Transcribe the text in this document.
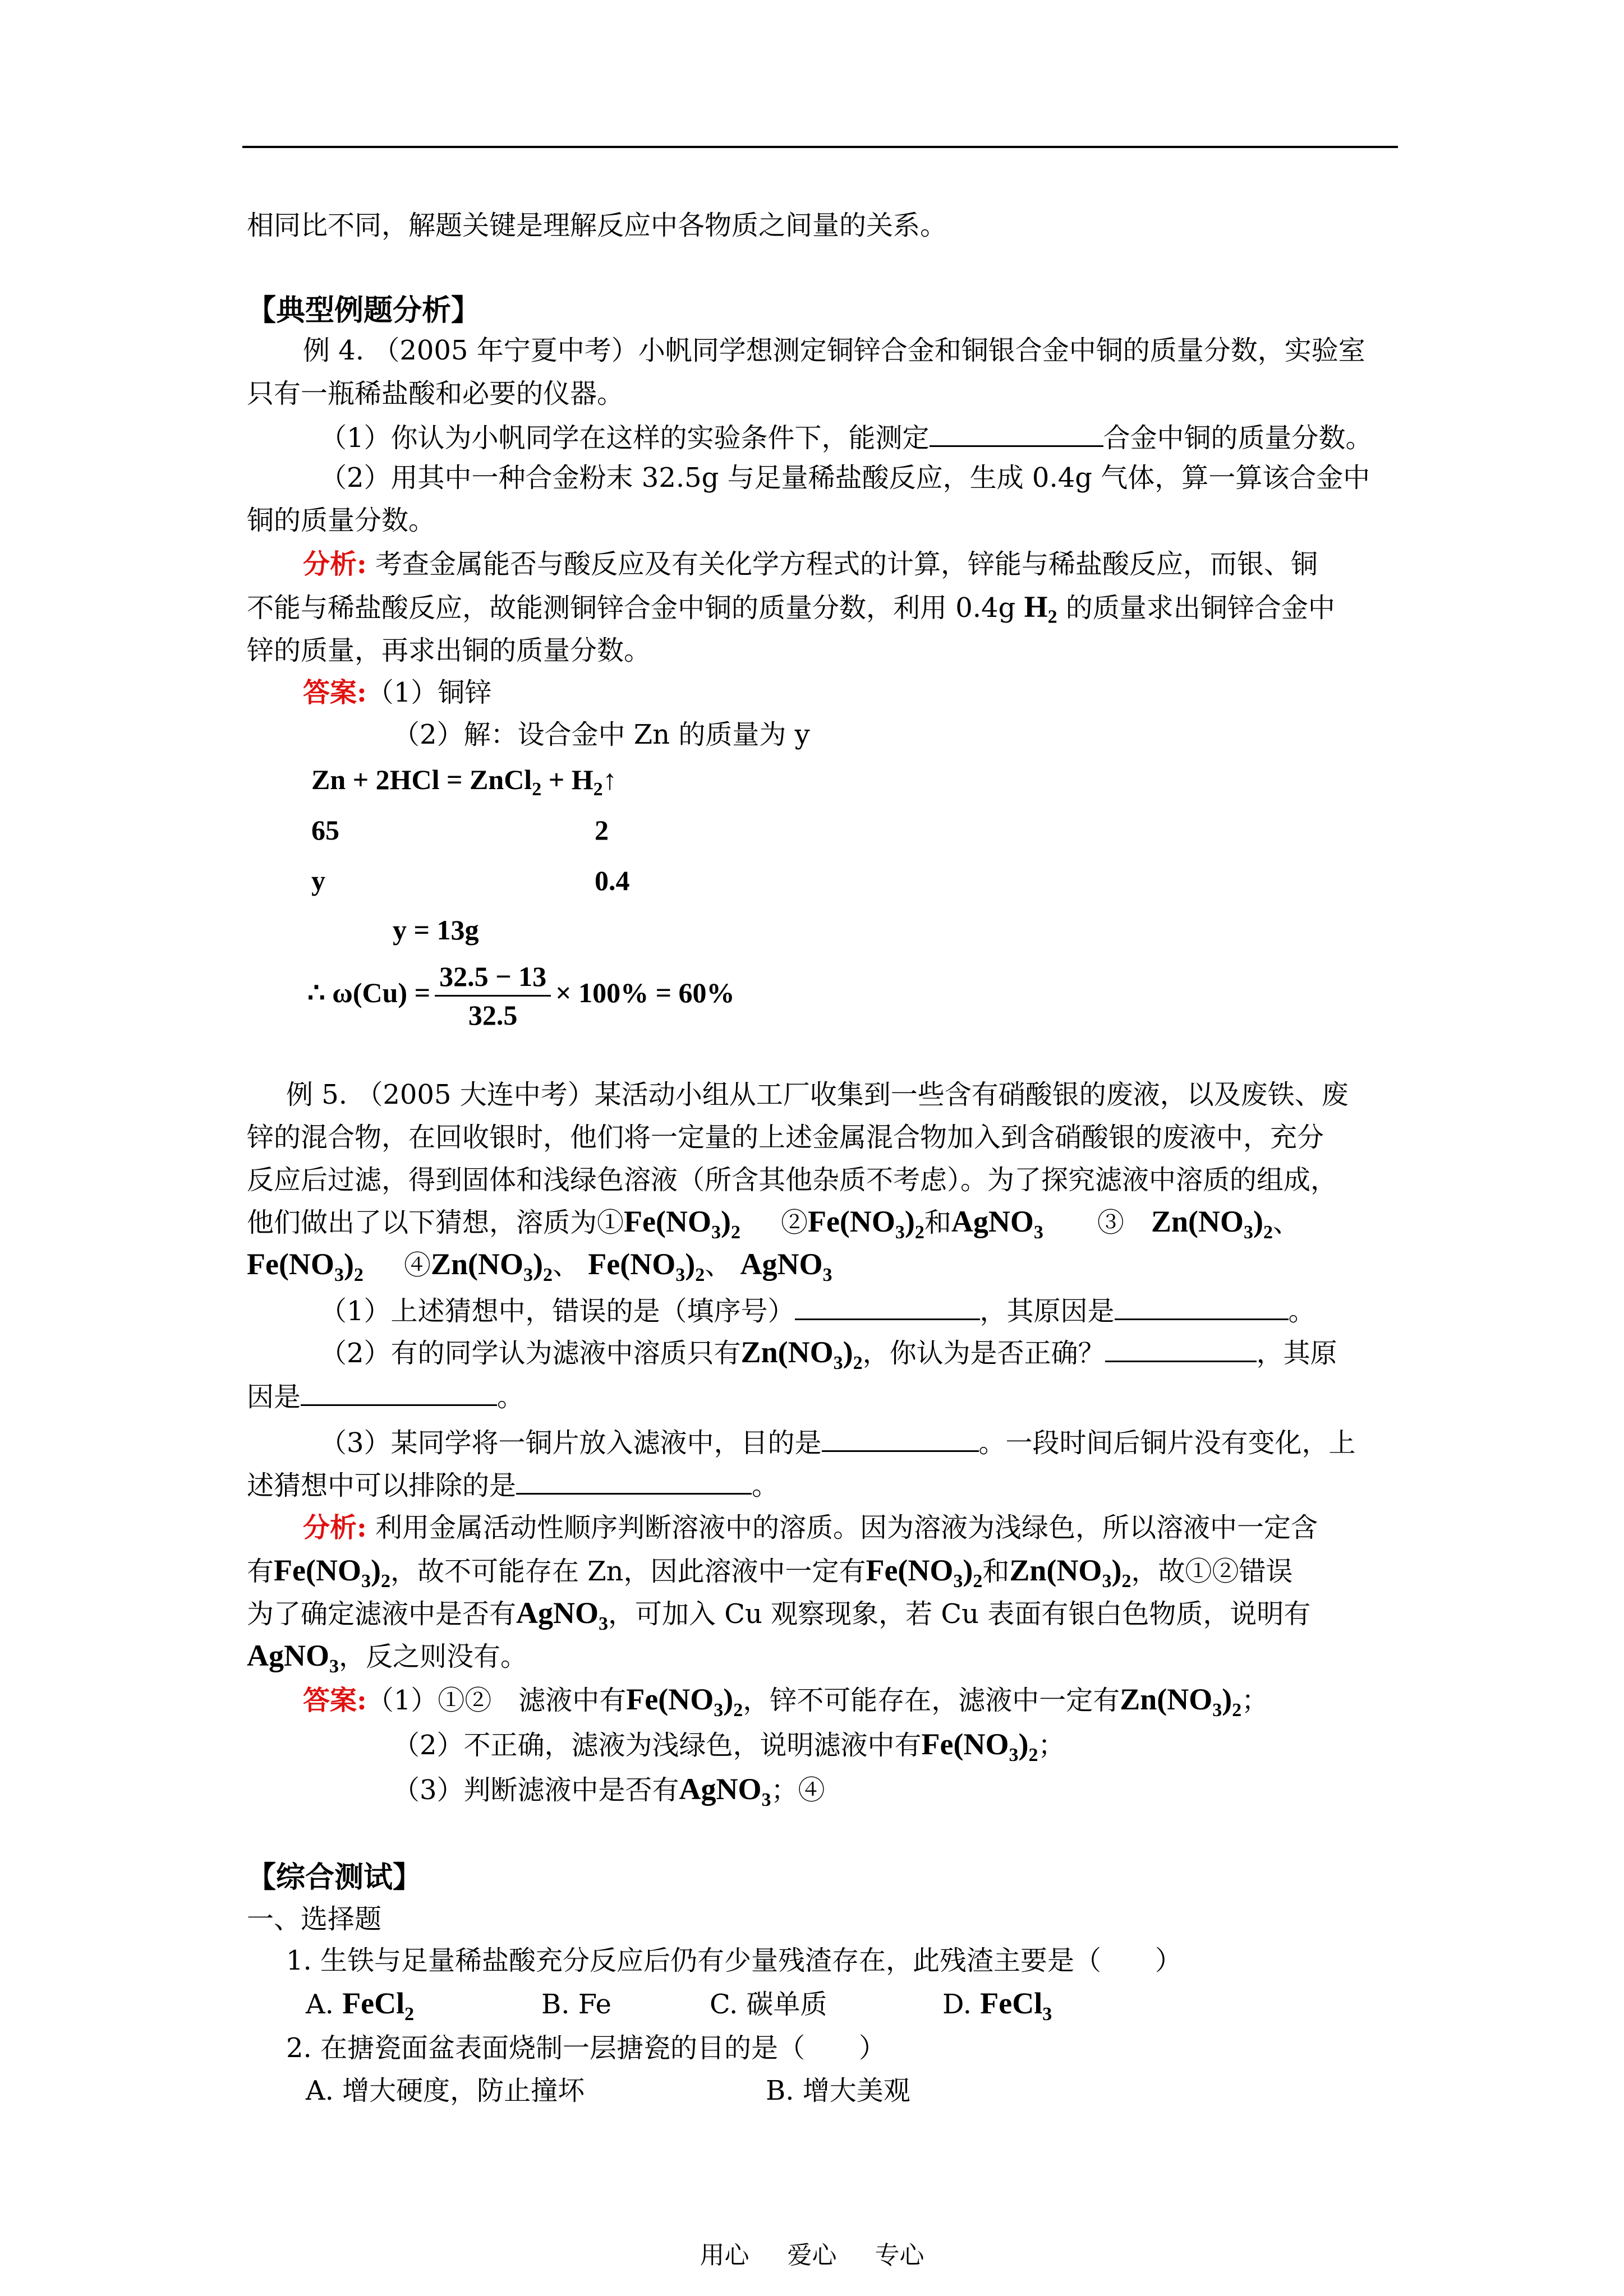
相同比不同，解题关键是理解反应中各物质之间量的关系。
【典型例题分析】
例 4. （2005 年宁夏中考）小帆同学想测定铜锌合金和铜银合金中铜的质量分数，实验室
只有一瓶稀盐酸和必要的仪器。
（1）你认为小帆同学在这样的实验条件下，能测定	合金中铜的质量分数。
（2）用其中一种合金粉末 32.5g 与足量稀盐酸反应，生成 0.4g 气体，算一算该合金中
铜的质量分数。
分析: 考查金属能否与酸反应及有关化学方程式的计算，锌能与稀盐酸反应，而银、铜
不能与稀盐酸反应，故能测铜锌合金中铜的质量分数，利用 0.4g $H_2$ 的质量求出铜锌合金中
锌的质量，再求出铜的质量分数。
答案:（1）铜锌
（2）解：设合金中 Zn 的质量为 y
Zn + 2HCl = ZnCl$_2$ + $H_2↑$
65	2
y	0.4
y = 13g
∴ $\omega(Cu) = \frac{32.5 - 13}{32.5} \times 100\% = 60\%$
例 5. （2005 大连中考）某活动小组从工厂收集到一些含有硝酸银的废液，以及废铁、废
锌的混合物，在回收银时，他们将一定量的上述金属混合物加入到含硝酸银的废液中，充分
反应后过滤，得到固体和浅绿色溶液（所含其他杂质不考虑）。为了探究滤液中溶质的组成，
他们做出了以下猜想，溶质为$①Fe(NO_3)_2$　  $②Fe(NO_3)_2$和AgNO$_3$　   ③　 $Zn(NO_3)_2$、
$Fe(NO_3)_2$　  $④Zn(NO_3)_2$、 $Fe(NO_3)_2$、 AgNO$_3$
（1）上述猜想中，错误的是（填序号）	，其原因是	。
（2）有的同学认为滤液中溶质只有$Zn(NO_3)_2$，你认为是否正确？	，其原
因是	。
（3）某同学将一铜片放入滤液中，目的是	。一段时间后铜片没有变化，上
述猜想中可以排除的是	。
分析: 利用金属活动性顺序判断溶液中的溶质。因为溶液为浅绿色，所以溶液中一定含
有$Fe(NO_3)_2$，故不可能存在 Zn，因此溶液中一定有$Fe(NO_3)_2$和$Zn(NO_3)_2$，故①②错误
为了确定滤液中是否有AgNO$_3$，可加入 Cu 观察现象，若 Cu 表面有银白色物质，说明有
AgNO$_3$，反之则没有。
答案:（1）①②　滤液中有$Fe(NO_3)_2$，锌不可能存在，滤液中一定有$Zn(NO_3)_2$；
（2）不正确，滤液为浅绿色，说明滤液中有$Fe(NO_3)_2$；
（3）判断滤液中是否有AgNO$_3$；④
【综合测试】
一、选择题
1. 生铁与足量稀盐酸充分反应后仍有少量残渣存在，此残渣主要是（　　）
A. FeCl$_2$	B. Fe	C. 碳单质	D. FeCl$_3$
2. 在搪瓷面盆表面烧制一层搪瓷的目的是（　　）
A. 增大硬度，防止撞坏	B. 增大美观
用心 爱心 专心
